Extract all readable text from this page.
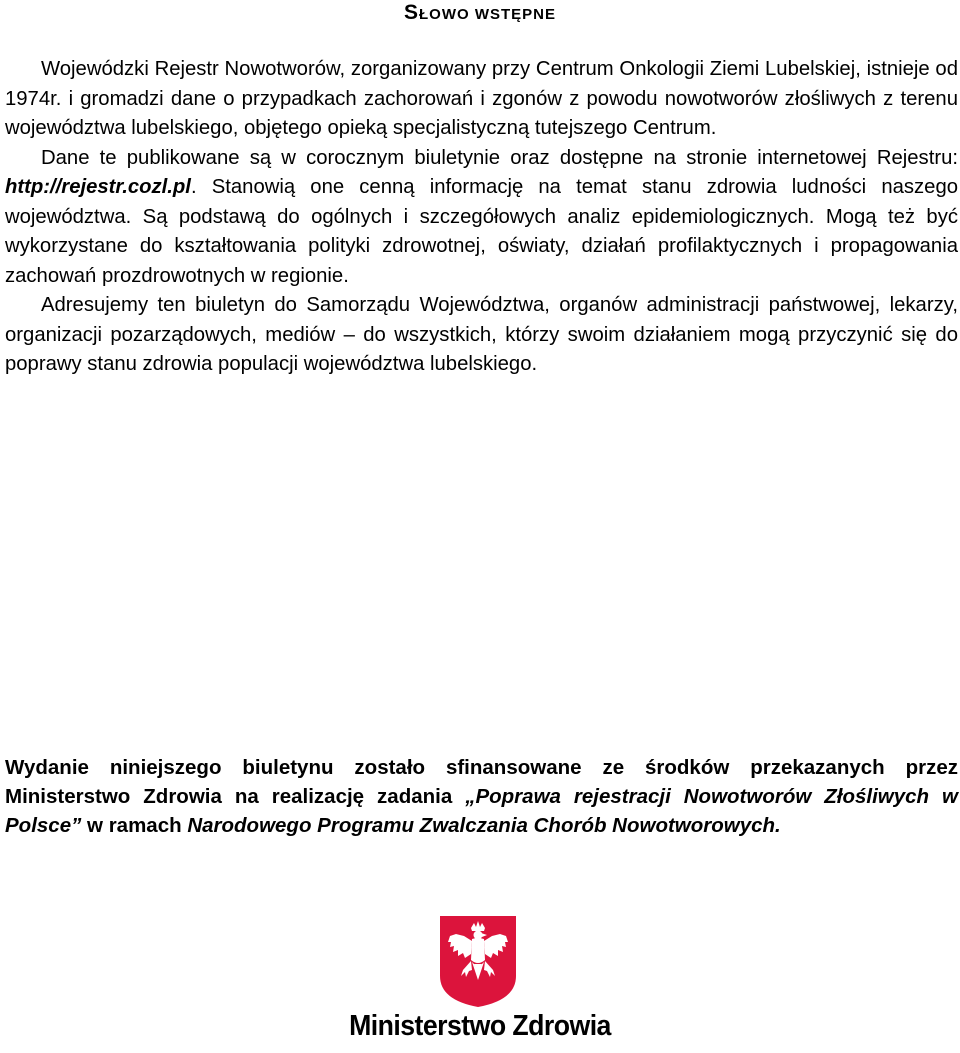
SŁOWO WSTĘPNE

Wojewódzki Rejestr Nowotworów, zorganizowany przy Centrum Onkologii Ziemi Lubelskiej, istnieje od 1974r. i gromadzi dane o przypadkach zachorowań i zgonów z powodu nowotworów złośliwych z terenu województwa lubelskiego, objętego opieką specjalistyczną tutejszego Centrum.

Dane te publikowane są w corocznym biuletynie oraz dostępne na stronie internetowej Rejestru: http://rejestr.cozl.pl. Stanowią one cenną informację na temat stanu zdrowia ludności naszego województwa. Są podstawą do ogólnych i szczegółowych analiz epidemiologicznych. Mogą też być wykorzystane do kształtowania polityki zdrowotnej, oświaty, działań profilaktycznych i propagowania zachowań prozdrowotnych w regionie.

Adresujemy ten biuletyn do Samorządu Województwa, organów administracji państwowej, lekarzy, organizacji pozarządowych, mediów – do wszystkich, którzy swoim działaniem mogą przyczynić się do poprawy stanu zdrowia populacji województwa lubelskiego.

Wydanie niniejszego biuletynu zostało sfinansowane ze środków przekazanych przez Ministerstwo Zdrowia na realizację zadania „Poprawa rejestracji Nowotworów Złośliwych w Polsce” w ramach Narodowego Programu Zwalczania Chorób Nowotworowych.
Ministerstwo Zdrowia
